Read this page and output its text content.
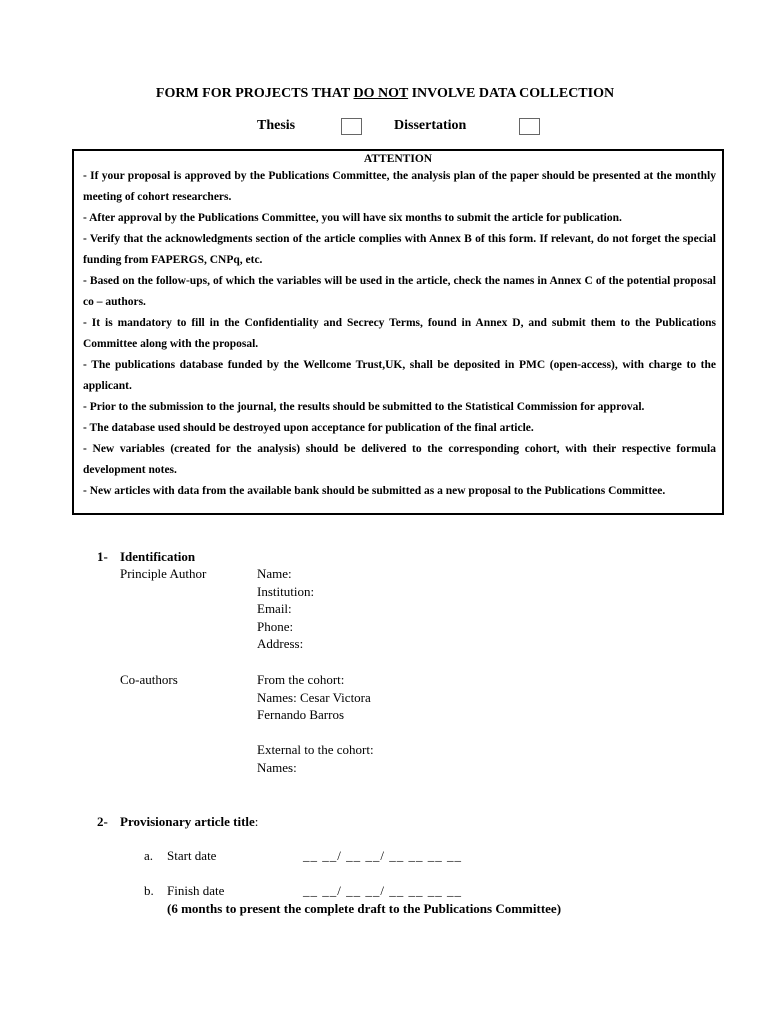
FORM FOR PROJECTS THAT DO NOT INVOLVE DATA COLLECTION
Thesis	Dissertation
ATTENTION
- If your proposal is approved by the Publications Committee, the analysis plan of the paper should be presented at the monthly meeting of cohort researchers.
- After approval by the Publications Committee, you will have six months to submit the article for publication.
- Verify that the acknowledgments section of the article complies with Annex B of this form. If relevant, do not forget the special funding from FAPERGS, CNPq, etc.
- Based on the follow-ups, of which the variables will be used in the article, check the names in Annex C of the potential proposal co – authors.
- It is mandatory to fill in the Confidentiality and Secrecy Terms, found in Annex D, and submit them to the Publications Committee along with the proposal.
- The publications database funded by the Wellcome Trust,UK, shall be deposited in PMC (open-access), with charge to the applicant.
- Prior to the submission to the journal, the results should be submitted to the Statistical Commission for approval.
- The database used should be destroyed upon acceptance for publication of the final article.
- New variables (created for the analysis) should be delivered to the corresponding cohort, with their respective formula development notes.
- New articles with data from the available bank should be submitted as a new proposal to the Publications Committee.
1- Identification
Principle Author	Name:
Institution:
Email:
Phone:
Address:
Co-authors	From the cohort:
Names: Cesar Victora
Fernando Barros
External to the cohort:
Names:
2- Provisionary article title:
a. Start date	__ __/ __ __/ __ __ __ __
b. Finish date	__ __/ __ __/ __ __ __ __
(6 months to present the complete draft to the Publications Committee)
